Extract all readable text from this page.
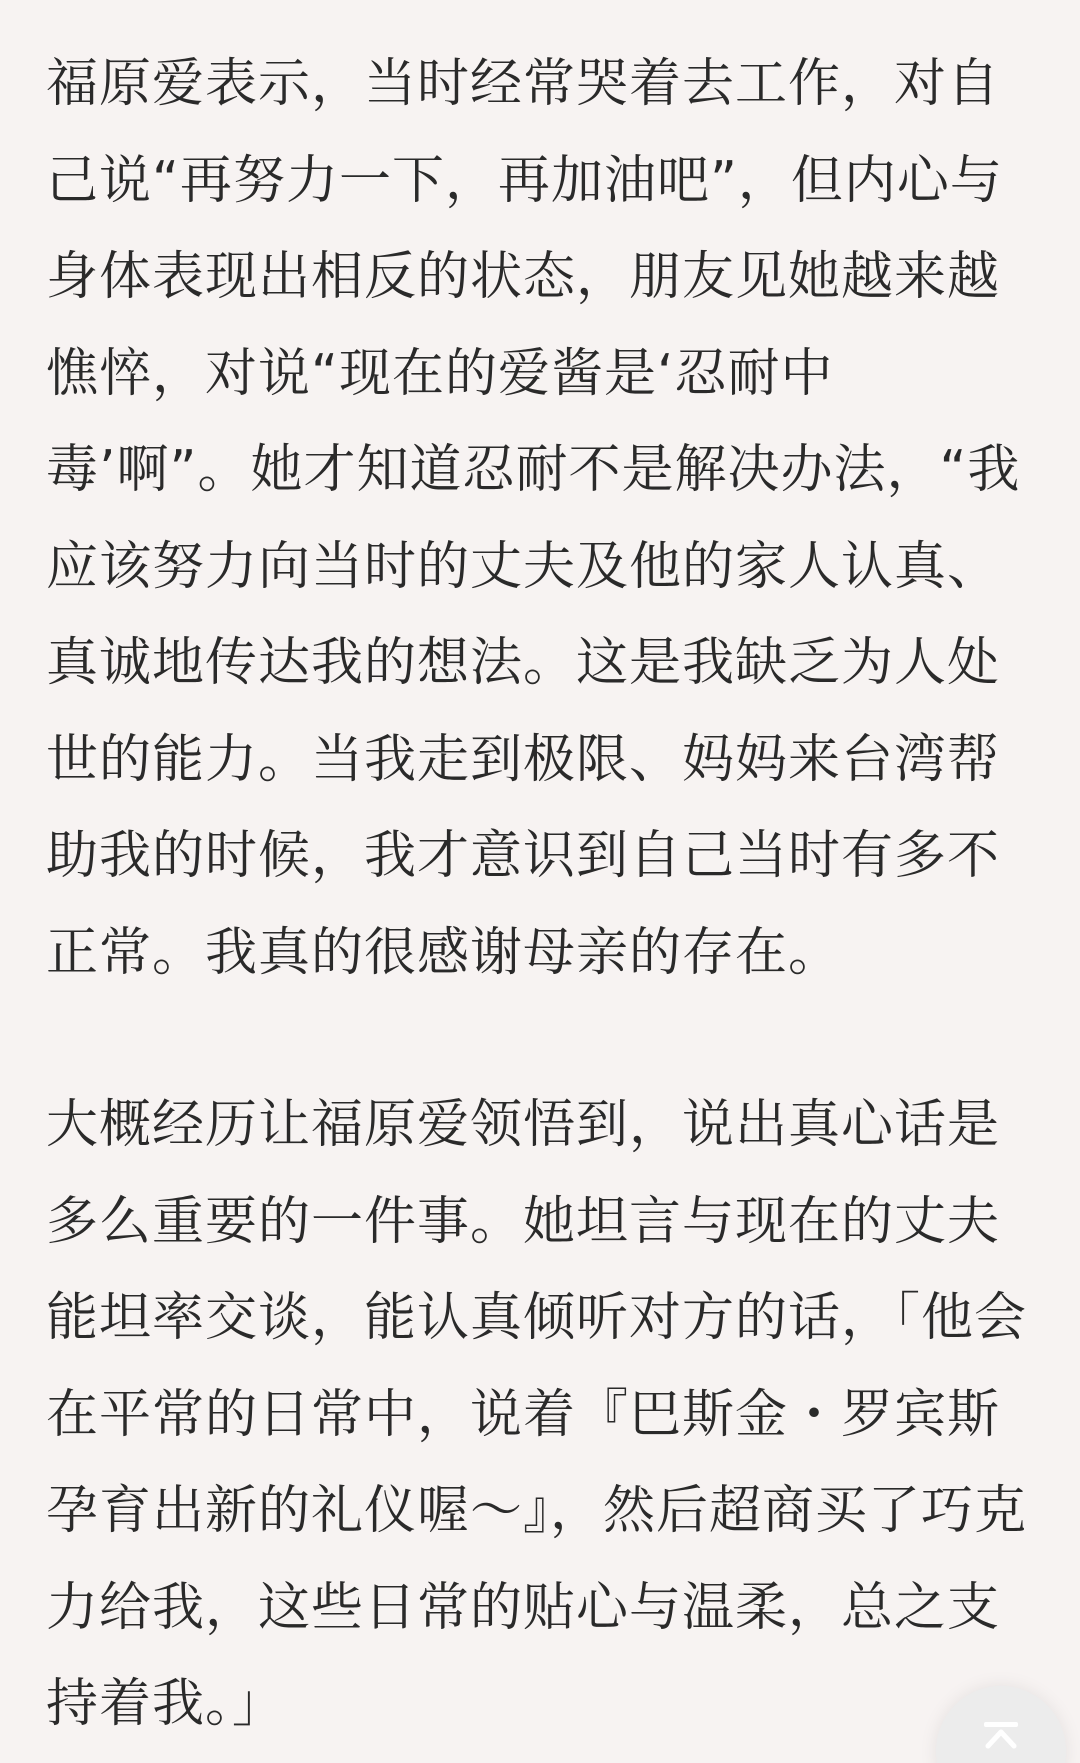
福原爱表示，当时经常哭着去工作，对自己说“再努力一下，再加油吧”，但内心与身体表现出相反的状态，朋友见她越来越憔悴，对说“现在的爱酱是‘忍耐中毒’啊”。她才知道忍耐不是解决办法，“我应该努力向当时的丈夫及他的家人认真、真诚地传达我的想法。这是我缺乏为人处世的能力。当我走到极限、妈妈来台湾帮助我的时候，我才意识到自己当时有多不正常。我真的很感谢母亲的存在。

大概经历让福原爱领悟到，说出真心话是多么重要的一件事。她坦言与现在的丈夫能坦率交谈，能认真倾听对方的话，「他会在平常的日常中，说着『巴斯金・罗宾斯孕育出新的礼仪喔～』，然后超商买了巧克力给我，这些日常的贴心与温柔，总之支持着我。」
